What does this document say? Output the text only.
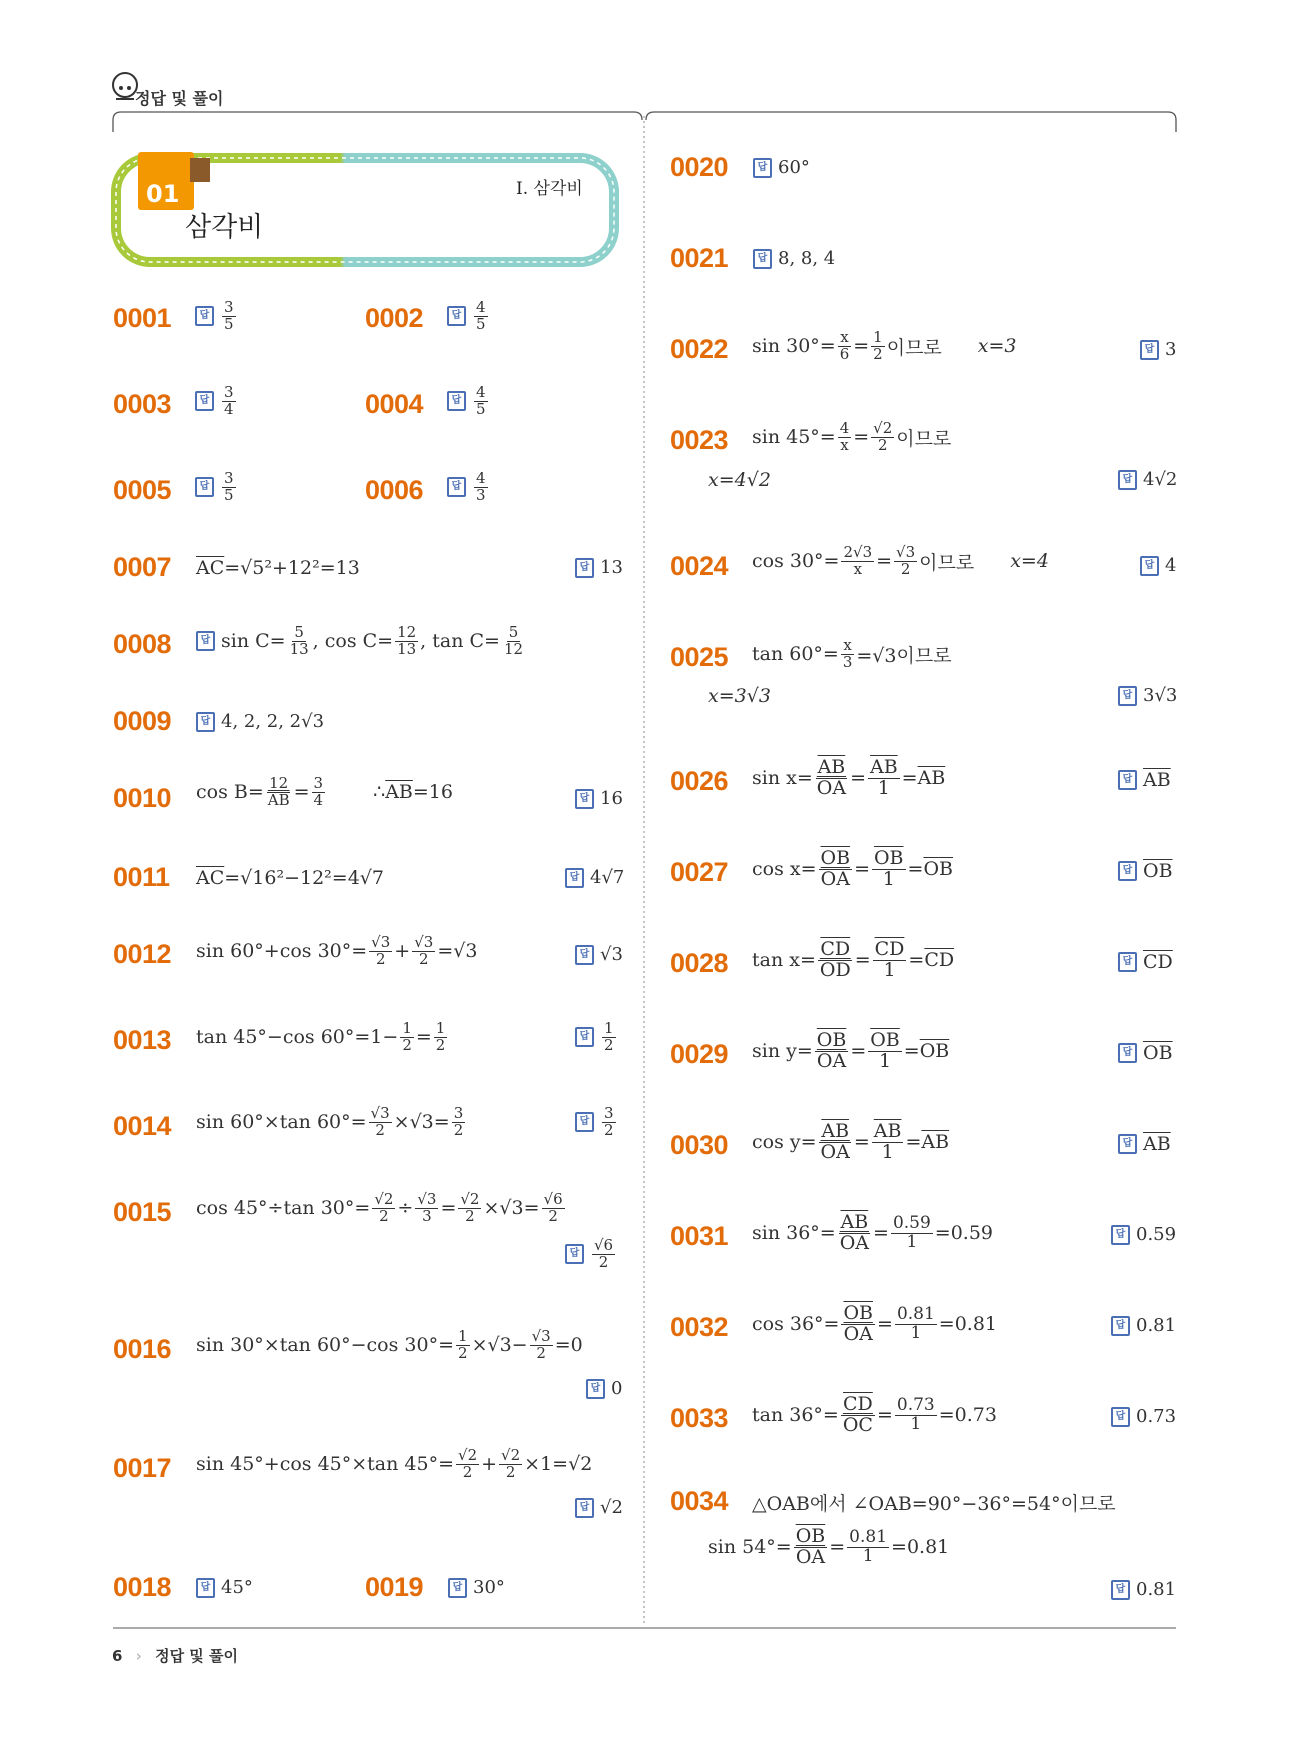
정답 및 풀이
01
삼각비
I. 삼각비
0001	답 $\frac{3}{5}$	0002	답 $\frac{4}{5}$
0003	답 $\frac{3}{4}$	0004	답 $\frac{4}{5}$
0005	답 $\frac{3}{5}$	0006	답 $\frac{4}{3}$
0007 $\overline{AC} =√5^2+12^2=13$	답 13
0008	답 $\sin C= \frac{5}{13}$ , $\cos C= \frac{12}{13}$ , $\tan C= \frac{5}{12}$
0009	답 4, 2, 2, 2√3
0010 $\cos B= \frac{12}{AB} = \frac{3}{4}$	∴ $\overline{AB} =16$	답 16
0011 $\overline{AC} =√16^2-12^2=4√7$	답 4√7
0012 sin 60°+cos $30^\circ= \frac{√3}{2} + \frac{√3}{2} =√3$	답 √3
0013 tan 45°−cos $60^\circ=1- \frac{1}{2} = \frac{1}{2}$	답 $\frac{1}{2}$
0014 sin 60°×tan $60^\circ= \frac{√3}{2} \times√3= \frac{3}{2}$	답 $\frac{3}{2}$
0015 cos 45°÷tan $30^\circ= \frac{√2}{2} \div \frac{√3}{3} = \frac{√2}{2} \times√3= \frac{√6}{2}$
답 $\frac{√6}{2}$
0016 sin 30°×tan 60°−cos $30^\circ= \frac{1}{2} \times√3- \frac{√3}{2} =0$
답 0
0017 sin 45°+cos 45°×tan $45^\circ= \frac{√2}{2} + \frac{√2}{2} \times 1=√2$
답 √2
0018	답 45°	0019	답 30°
0020	답 60°
0021	답 8, 8, 4
0022 $\sin 30^\circ= \frac{x}{6} = \frac{1}{2}$ 이므로 x=3	답 3
0023 $\sin 45^\circ= \frac{4}{x} = \frac{√2}{2}$ 이므로
x=4√2	답 4√2
0024 $\cos 30^\circ= \frac{2√3}{x} = \frac{√3}{2}$ 이므로 x=4	답 4
0025 $\tan 60^\circ= \frac{x}{3} =√3$이므로
x=3√3	답 3√3
0026 $\sin x= \frac{\overline{AB}}{OA} = \frac{\overline{AB}}{1} = \overline{AB}$	답 $\overline{AB}$
0027 $\cos x= \frac{\overline{OB}}{OA} = \frac{\overline{OB}}{1} = \overline{OB}$	답 $\overline{OB}$
0028 $\tan x= \frac{\overline{CD}}{OD} = \frac{\overline{CD}}{1} = \overline{CD}$	답 $\overline{CD}$
0029 $\sin y= \frac{\overline{OB}}{OA} = \frac{\overline{OB}}{1} = \overline{OB}$	답 $\overline{OB}$
0030 $\cos y= \frac{\overline{AB}}{OA} = \frac{\overline{AB}}{1} = \overline{AB}$	답 $\overline{AB}$
0031 $\sin 36^\circ= \frac{\overline{AB}}{OA} = \frac{0.59}{1} =0.59$	답 0.59
0032 $\cos 36^\circ= \frac{\overline{OB}}{OA} = \frac{0.81}{1} =0.81$	답 0.81
0033 $\tan 36^\circ= \frac{\overline{CD}}{OC} = \frac{0.73}{1} =0.73$	답 0.73
0034 △OAB에서 ∠OAB=90°−36°=54°이므로
$\sin 54^\circ= \frac{\overline{OB}}{OA} = \frac{0.81}{1} =0.81$
답 0.81
6 › 정답 및 풀이
